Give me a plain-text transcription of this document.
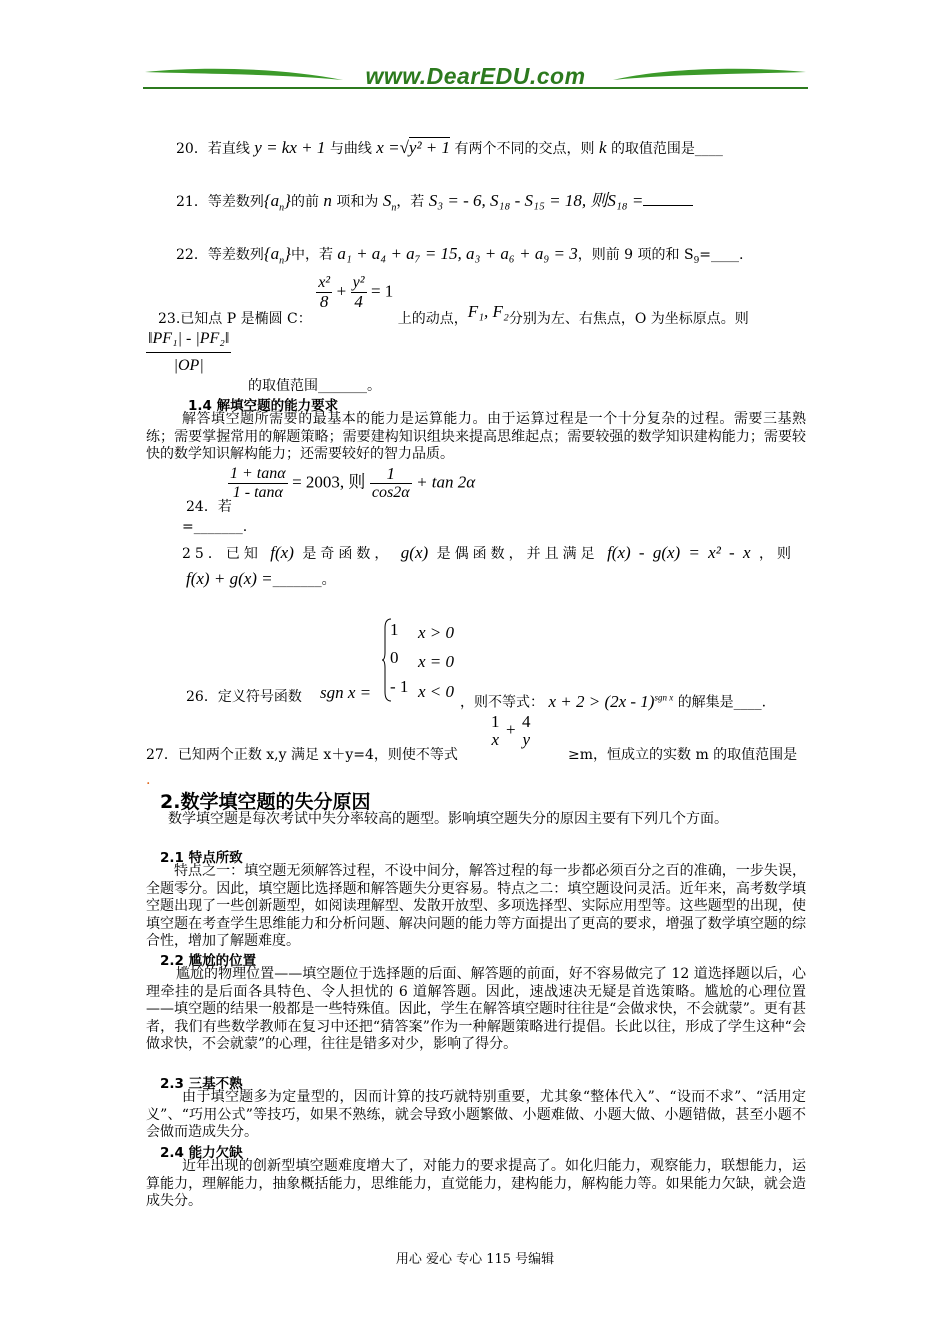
www.DearEDU.com
20．若直线 y = kx + 1 与曲线 x =√y² + 1 有两个不同的交点，则 k 的取值范围是____
21．等差数列$\{a_n\}$的前 n 项和为 $S_n$，若 S₃ = - 6, S₁₈ - S₁₅ = 18, 则S₁₈ =
22．等差数列$\{a_n\}$中，若 a₁ + a₄ + a₇ = 15, a₃ + a₆ + a₉ = 3，则前 9 项的和 $S_9=\_\_\_\_$.
23.已知点 P 是椭圆 C：
$\frac{\text{x²}}{8} + \frac{\text{y²}}{4} = 1$ 上的动点，F₁, F₂分别为左、右焦点，O 为坐标原点。则
$\frac{\text{‖PF₁| - |PF₂‖}}{|OP|}$
的取值范围_______。
1.4 解填空题的能力要求
解答填空题所需要的最基本的能力是运算能力。由于运算过程是一个十分复杂的过程。需要三基熟练；需要掌握常用的解题策略；需要建构知识组块来提高思维起点；需要较强的数学知识建构能力；需要较快的数学知识解构能力；还需要较好的智力品质。
$\frac{1 + \tan\alpha}{1 - \tan\alpha} = 2003$, 则 $\frac{1}{\cos 2\alpha} + \tan 2\alpha$
24．若
=_______.
25．已知 f(x) 是奇函数， g(x) 是偶函数，并且满足 f(x) - g(x) = x² - x ，则
f(x) + g(x) =_______。
26．定义符号函数 sgn x =
1 x > 0
0 x = 0
- 1 x < 0
，则不等式： x + 2 > (2x - 1)$^{sgn x}$ 的解集是____.
27．已知两个正数 x,y 满足 x＋y=4，则使不等式
1
x
+ 4
y
≥m，恒成立的实数 m 的取值范围是
.
2.数学填空题的失分原因
数学填空题是每次考试中失分率较高的题型。影响填空题失分的原因主要有下列几个方面。
2.1 特点所致
特点之一：填空题无须解答过程，不设中间分，解答过程的每一步都必须百分之百的准确，一步失误，全题零分。因此，填空题比选择题和解答题失分更容易。特点之二：填空题设问灵活。近年来，高考数学填空题出现了一些创新题型，如阅读理解型、发散开放型、多项选择型、实际应用型等。这些题型的出现，使填空题在考查学生思维能力和分析问题、解决问题的能力等方面提出了更高的要求，增强了数学填空题的综合性，增加了解题难度。
2.2 尴尬的位置
尴尬的物理位置——填空题位于选择题的后面、解答题的前面，好不容易做完了 12 道选择题以后，心理牵挂的是后面各具特色、令人担忧的 6 道解答题。因此，速战速决无疑是首选策略。尴尬的心理位置——填空题的结果一般都是一些特殊值。因此，学生在解答填空题时往往是“会做求快，不会就蒙”。更有甚者，我们有些数学教师在复习中还把“猜答案”作为一种解题策略进行提倡。长此以往，形成了学生这种“会做求快，不会就蒙”的心理，往往是错多对少，影响了得分。
2.3 三基不熟
由于填空题多为定量型的，因而计算的技巧就特别重要，尤其象“整体代入”、“设而不求”、“活用定义”、“巧用公式”等技巧，如果不熟练，就会导致小题繁做、小题难做、小题大做、小题错做，甚至小题不会做而造成失分。
2.4 能力欠缺
近年出现的创新型填空题难度增大了，对能力的要求提高了。如化归能力，观察能力，联想能力，运算能力，理解能力，抽象概括能力，思维能力，直觉能力，建构能力，解构能力等。如果能力欠缺，就会造成失分。
用心 爱心 专心 115 号编辑
